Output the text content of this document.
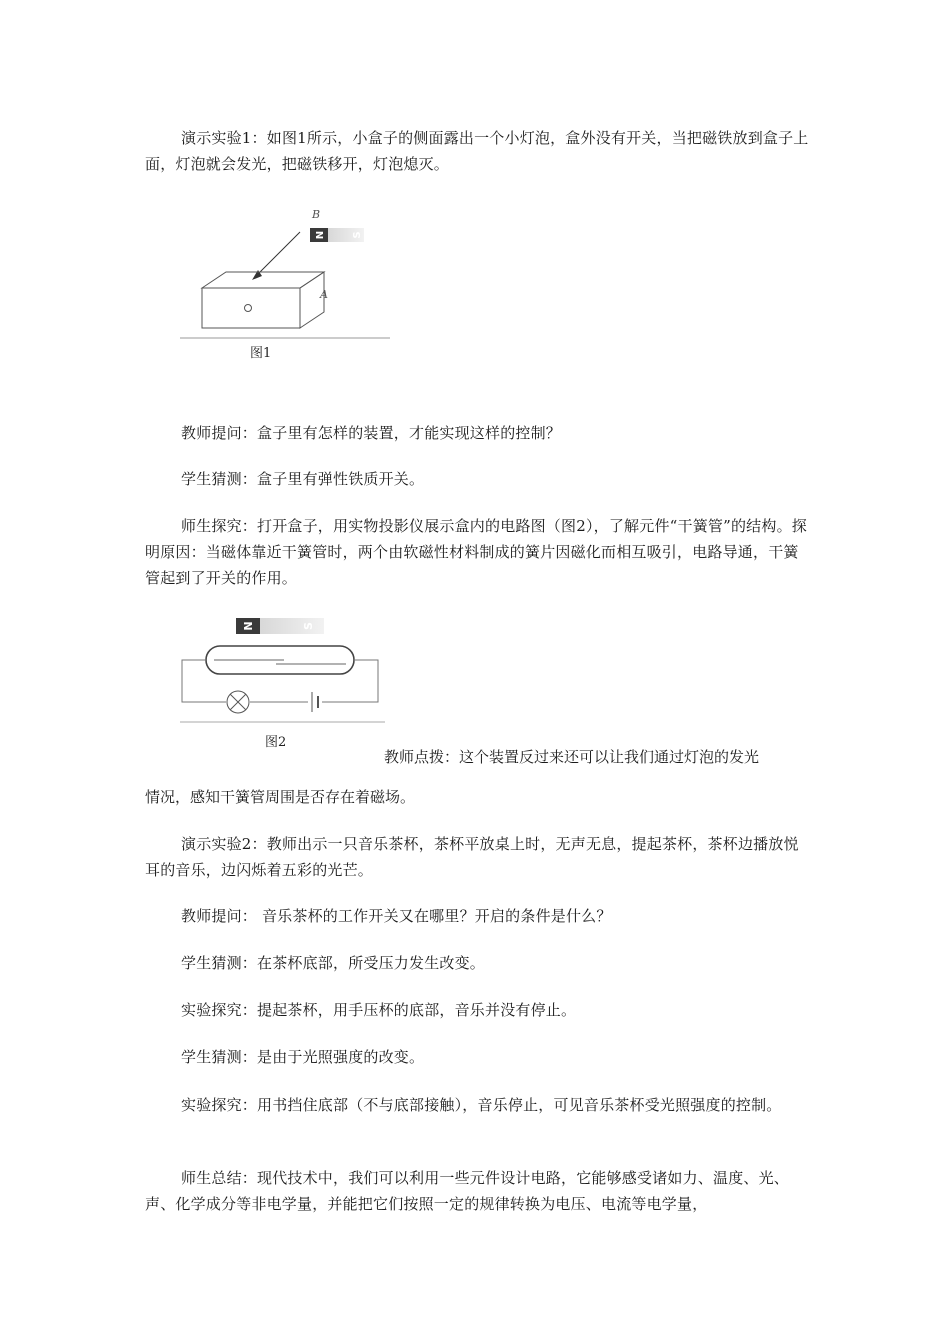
演示实验1：如图1所示，小盒子的侧面露出一个小灯泡，盒外没有开关，当把磁铁放到盒子上面，灯泡就会发光，把磁铁移开，灯泡熄灭。

N	S
B
A
图1

教师提问：盒子里有怎样的装置，才能实现这样的控制？

学生猜测：盒子里有弹性铁质开关。

师生探究：打开盒子，用实物投影仪展示盒内的电路图（图2），了解元件“干簧管”的结构。探明原因：当磁体靠近干簧管时，两个由软磁性材料制成的簧片因磁化而相互吸引，电路导通，干簧管起到了开关的作用。

N	S
图2
教师点拨：这个装置反过来还可以让我们通过灯泡的发光

情况，感知干簧管周围是否存在着磁场。

演示实验2：教师出示一只音乐茶杯，茶杯平放桌上时，无声无息，提起茶杯，茶杯边播放悦耳的音乐，边闪烁着五彩的光芒。

教师提问： 音乐茶杯的工作开关又在哪里？开启的条件是什么？

学生猜测：在茶杯底部，所受压力发生改变。

实验探究：提起茶杯，用手压杯的底部，音乐并没有停止。

学生猜测：是由于光照强度的改变。

实验探究：用书挡住底部（不与底部接触），音乐停止，可见音乐茶杯受光照强度的控制。

师生总结：现代技术中，我们可以利用一些元件设计电路，它能够感受诸如力、温度、光、声、化学成分等非电学量，并能把它们按照一定的规律转换为电压、电流等电学量，
